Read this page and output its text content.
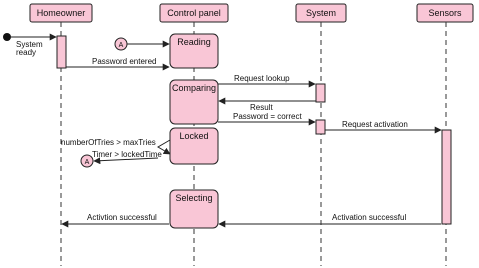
Homeowner	Control panel	System	Sensors
Reading
Comparing
Locked
Selecting
System
ready
A
Password entered
Request lookup
Result
Password = correct
Request activation
numberOfTries > maxTries
Timer > lockedTime
A
Activation successful
Activtion successful
